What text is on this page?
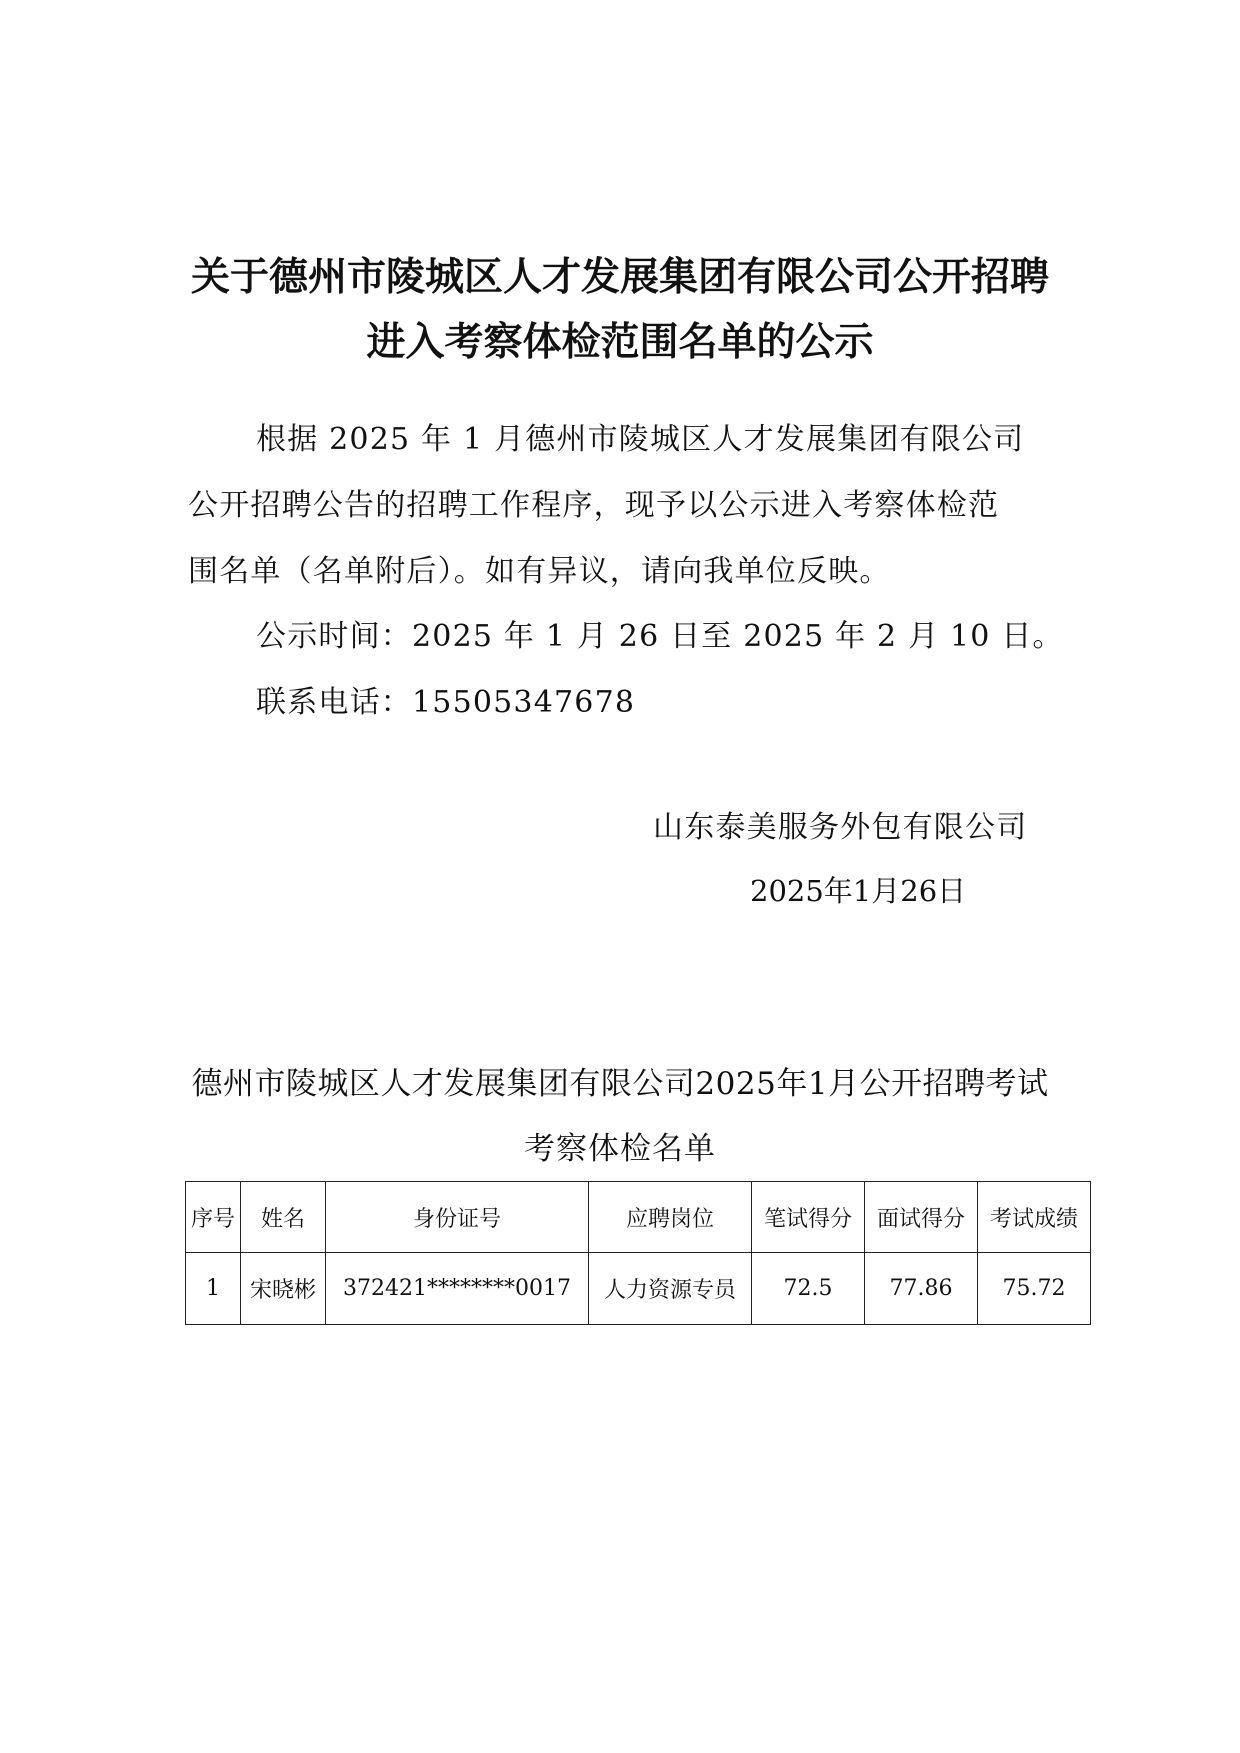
关于德州市陵城区人才发展集团有限公司公开招聘
进入考察体检范围名单的公示
根据 2025 年 1 月德州市陵城区人才发展集团有限公司
公开招聘公告的招聘工作程序，现予以公示进入考察体检范
围名单（名单附后）。如有异议，请向我单位反映。
公示时间：2025 年 1 月 26 日至 2025 年 2 月 10 日。
联系电话：15505347678
山东泰美服务外包有限公司
2025年1月26日
德州市陵城区人才发展集团有限公司2025年1月公开招聘考试
考察体检名单
序号	姓名	身份证号	应聘岗位	笔试得分	面试得分	考试成绩
1	宋晓彬	372421********0017	人力资源专员	72.5	77.86	75.72
